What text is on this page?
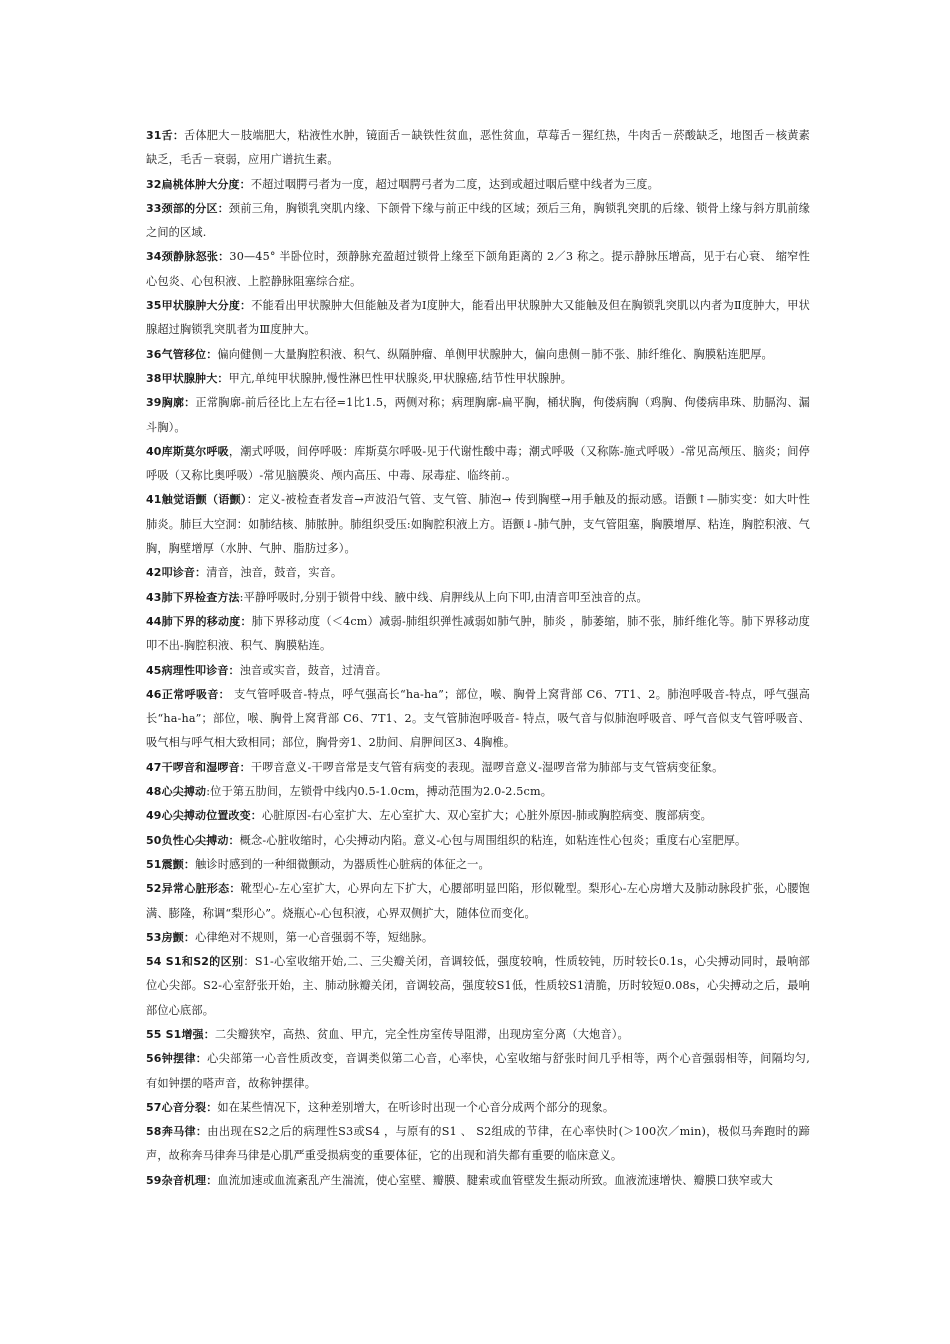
31舌：舌体肥大－肢端肥大，粘液性水肿，镜面舌－缺铁性贫血，恶性贫血，草莓舌－猩红热，牛肉舌－菸酸缺乏，地图舌－核黄素缺乏，毛舌－衰弱，应用广谱抗生素。

32扁桃体肿大分度：不超过咽腭弓者为一度，超过咽腭弓者为二度，达到或超过咽后壁中线者为三度。

33颈部的分区：颈前三角，胸锁乳突肌内缘、下颌骨下缘与前正中线的区域；颈后三角，胸锁乳突肌的后缘、锁骨上缘与斜方肌前缘之间的区域.

34颈静脉怒张：30—45° 半卧位时，颈静脉充盈超过锁骨上缘至下颌角距离的 2／3 称之。提示静脉压增高，见于右心衰、 缩窄性心包炎、心包积液、上腔静脉阻塞综合症。

35甲状腺肿大分度：不能看出甲状腺肿大但能触及者为Ⅰ度肿大，能看出甲状腺肿大又能触及但在胸锁乳突肌以内者为Ⅱ度肿大，甲状腺超过胸锁乳突肌者为Ⅲ度肿大。

36气管移位：偏向健侧－大量胸腔积液、积气、纵隔肿瘤、单侧甲状腺肿大，偏向患侧－肺不张、肺纤维化、胸膜粘连肥厚。

38甲状腺肿大：甲亢,单纯甲状腺肿,慢性淋巴性甲状腺炎,甲状腺癌,结节性甲状腺肿。

39胸廓：正常胸廓-前后径比上左右径=1比1.5，两侧对称；病理胸廓-扁平胸，桶状胸，佝偻病胸（鸡胸、佝偻病串珠、肋膈沟、漏斗胸）。

40库斯莫尔呼吸，潮式呼吸，间停呼吸：库斯莫尔呼吸-见于代谢性酸中毒；潮式呼吸（又称陈-施式呼吸）-常见高颅压、脑炎；间停呼吸（又称比奥呼吸）-常见脑膜炎、颅内高压、中毒、尿毒症、临终前.。

41触觉语颤（语颤）：定义-被检查者发音→声波沿气管、支气管、肺泡→ 传到胸壁→用手触及的振动感。语颤↑—肺实变：如大叶性肺炎。肺巨大空洞：如肺结核、肺脓肿。肺组织受压:如胸腔积液上方。语颤↓-肺气肿，支气管阻塞，胸膜增厚、粘连，胸腔积液、气胸，胸壁增厚（水肿、气肿、脂肪过多）。

42叩诊音：清音，浊音，鼓音，实音。

43肺下界检查方法:平静呼吸时,分别于锁骨中线、腋中线、肩胛线从上向下叩,由清音叩至浊音的点。

44肺下界的移动度：肺下界移动度（＜4cm）减弱-肺组织弹性减弱如肺气肿，肺炎 ，肺萎缩，肺不张，肺纤维化等。肺下界移动度叩不出-胸腔积液、积气、胸膜粘连。

45病理性叩诊音：浊音或实音，鼓音，过清音。

46正常呼吸音： 支气管呼吸音-特点，呼气强高长“ha-ha”；部位，喉、胸骨上窝背部 C6、7T1、2。肺泡呼吸音-特点，呼气强高长“ha-ha”；部位，喉、胸骨上窝背部 C6、7T1、2。支气管肺泡呼吸音- 特点，吸气音与似肺泡呼吸音、呼气音似支气管呼吸音、吸气相与呼气相大致相同；部位，胸骨旁1、2肋间、肩胛间区3、4胸椎。

47干啰音和湿啰音：干啰音意义-干啰音常是支气管有病变的表现。湿啰音意义-湿啰音常为肺部与支气管病变征象。

48心尖搏动:位于第五肋间，左锁骨中线内0.5-1.0cm，搏动范围为2.0-2.5cm。

49心尖搏动位置改变：心脏原因-右心室扩大、左心室扩大、双心室扩大；心脏外原因-肺或胸腔病变、腹部病变。

50负性心尖搏动：概念-心脏收缩时，心尖搏动内陷。意义-心包与周围组织的粘连，如粘连性心包炎；重度右心室肥厚。

51震颤：触诊时感到的一种细微颤动，为器质性心脏病的体征之一。

52异常心脏形态：靴型心-左心室扩大，心界向左下扩大，心腰部明显凹陷，形似靴型。梨形心-左心房增大及肺动脉段扩张，心腰饱满、膨隆，称调“梨形心”。烧瓶心-心包积液，心界双侧扩大，随体位而变化。

53房颤：心律绝对不规则，第一心音强弱不等，短绌脉。

54 S1和S2的区别：S1-心室收缩开始,二、三尖瓣关闭，音调较低，强度较响，性质较钝，历时较长0.1s，心尖搏动同时，最响部位心尖部。S2-心室舒张开始，主、肺动脉瓣关闭，音调较高，强度较S1低，性质较S1清脆，历时较短0.08s，心尖搏动之后，最响部位心底部。

55 S1增强：二尖瓣狭窄，高热、贫血、甲亢，完全性房室传导阻滞，出现房室分离（大炮音）。

56钟摆律：心尖部第一心音性质改变，音调类似第二心音，心率快，心室收缩与舒张时间几乎相等，两个心音强弱相等，间隔均匀,有如钟摆的嗒声音，故称钟摆律。

57心音分裂：如在某些情况下，这种差别增大，在听诊时出现一个心音分成两个部分的现象。

58奔马律：由出现在S2之后的病理性S3或S4 ，与原有的S1 、 S2组成的节律，在心率快时(＞100次／min)，极似马奔跑时的蹄声，故称奔马律奔马律是心肌严重受损病变的重要体征，它的出现和消失都有重要的临床意义。

59杂音机理：血流加速或血流紊乱产生湍流，使心室壁、瓣膜、腱索或血管壁发生振动所致。血液流速增快、瓣膜口狭窄或大
